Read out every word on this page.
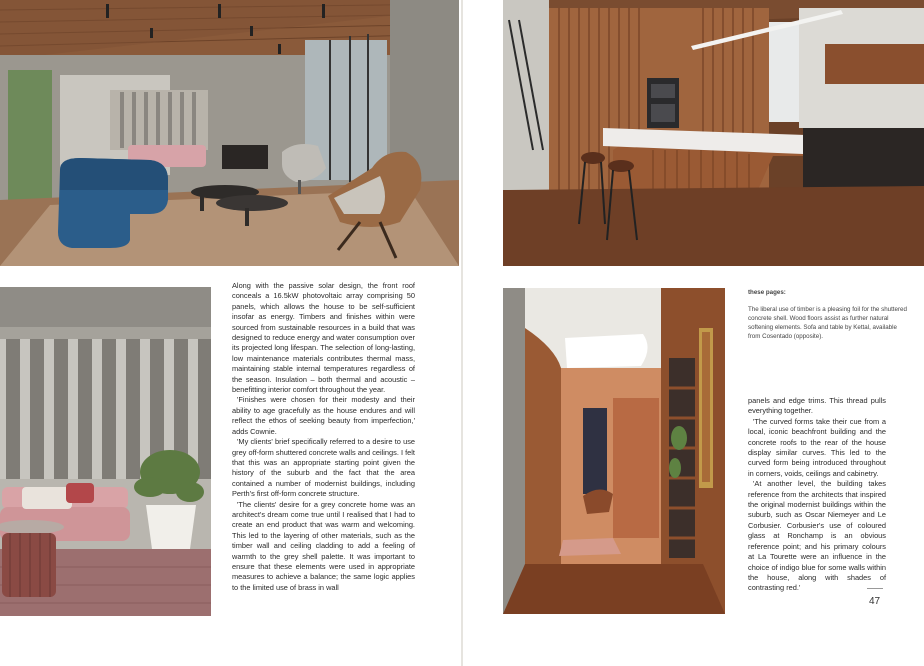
Along with the passive solar design, the front roof conceals a 16.5kW photovoltaic array comprising 50 panels, which allows the house to be self-sufficient insofar as energy. Timbers and finishes within were sourced from sustainable resources in a build that was designed to reduce energy and water consumption over its projected long lifespan. The selection of long-lasting, low maintenance materials contributes thermal mass, maintaining stable internal temperatures regardless of the season. Insulation – both thermal and acoustic – benefitting interior comfort throughout the year.

'Finishes were chosen for their modesty and their ability to age gracefully as the house endures and will reflect the ethos of seeking beauty from imperfection,' adds Cownie.

'My clients' brief specifically referred to a desire to use grey off-form shuttered concrete walls and ceilings. I felt that this was an appropriate starting point given the history of the suburb and the fact that the area contained a number of modernist buildings, including Perth's first off-form concrete structure.

'The clients' desire for a grey concrete home was an architect's dream come true until I realised that I had to create an end product that was warm and welcoming. This led to the layering of other materials, such as the timber wall and ceiling cladding to add a feeling of warmth to the grey shell palette. It was important to ensure that these elements were used in appropriate measures to achieve a balance; the same logic applies to the limited use of brass in wall

these pages:
The liberal use of timber is a pleasing foil for the shuttered concrete shell. Wood floors assist as further natural softening elements. Sofa and table by Kettal, available from Cosentado (opposite).

panels and edge trims. This thread pulls everything together.

'The curved forms take their cue from a local, iconic beachfront building and the concrete roofs to the rear of the house display similar curves. This led to the curved form being introduced throughout in corners, voids, ceilings and cabinetry.

'At another level, the building takes reference from the architects that inspired the original modernist buildings within the suburb, such as Oscar Niemeyer and Le Corbusier. Corbusier's use of coloured glass at Ronchamp is an obvious reference point; and his primary colours at La Tourette were an influence in the choice of indigo blue for some walls within the house, along with shades of contrasting red.'

47
